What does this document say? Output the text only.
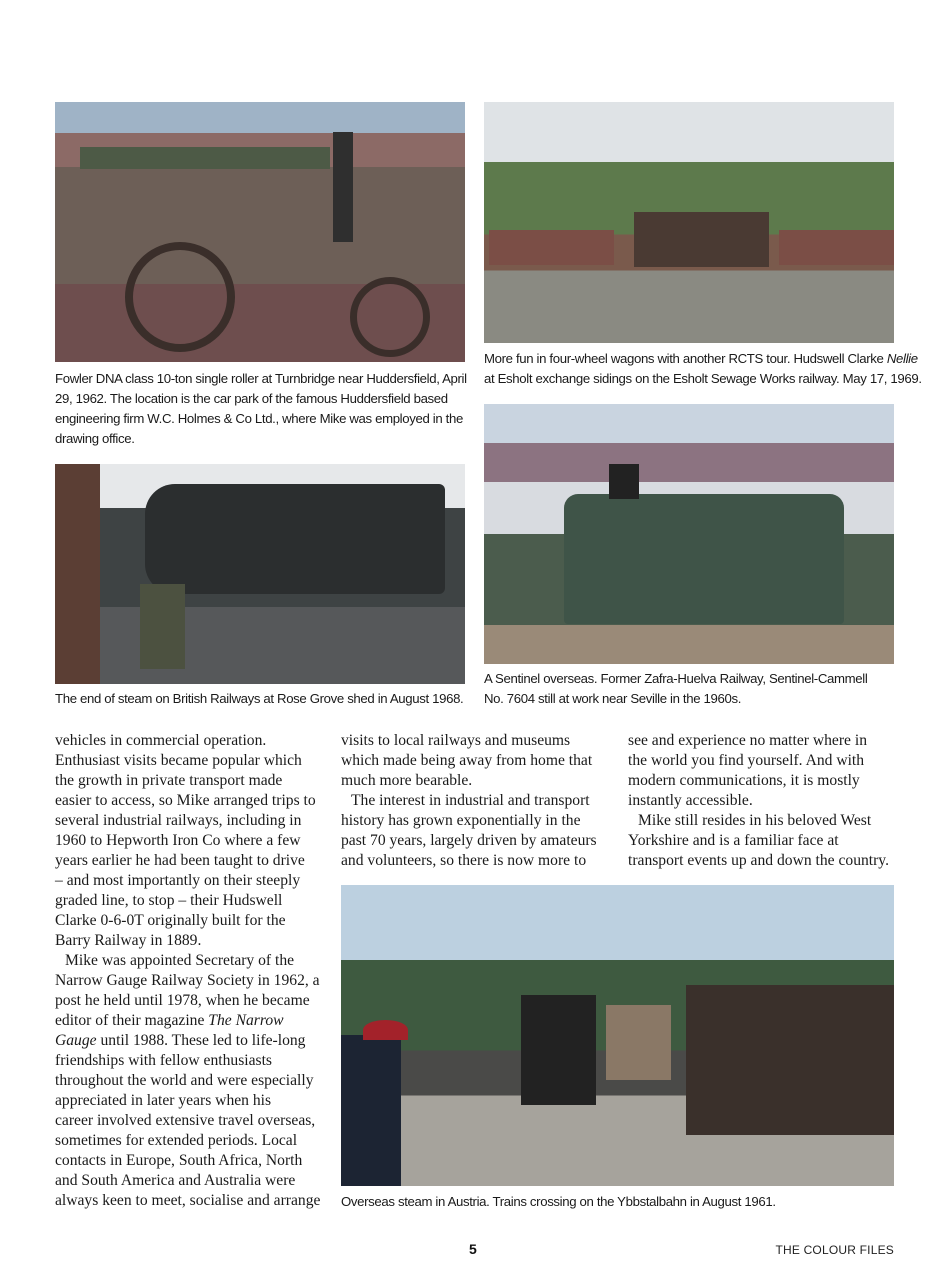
Fowler DNA class 10-ton single roller at Turnbridge near Huddersfield, April
29, 1962. The location is the car park of the famous Huddersfield based
engineering firm W.C. Holmes & Co Ltd., where Mike was employed in the
drawing office.
More fun in four-wheel wagons with another RCTS tour. Hudswell Clarke Nellie
at Esholt exchange sidings on the Esholt Sewage Works railway. May 17, 1969.
The end of steam on British Railways at Rose Grove shed in August 1968.
A Sentinel overseas. Former Zafra-Huelva Railway, Sentinel-Cammell
No. 7604 still at work near Seville in the 1960s.
vehicles in commercial operation.
Enthusiast visits became popular which
the growth in private transport made
easier to access, so Mike arranged trips to
several industrial railways, including in
1960 to Hepworth Iron Co where a few
years earlier he had been taught to drive
– and most importantly on their steeply
graded line, to stop – their Hudswell
Clarke 0-6-0T originally built for the
Barry Railway in 1889.
Mike was appointed Secretary of the
Narrow Gauge Railway Society in 1962, a
post he held until 1978, when he became
editor of their magazine The Narrow
Gauge until 1988. These led to life-long
friendships with fellow enthusiasts
throughout the world and were especially
appreciated in later years when his
career involved extensive travel overseas,
sometimes for extended periods. Local
contacts in Europe, South Africa, North
and South America and Australia were
always keen to meet, socialise and arrange
visits to local railways and museums
which made being away from home that
much more bearable.
The interest in industrial and transport
history has grown exponentially in the
past 70 years, largely driven by amateurs
and volunteers, so there is now more to
see and experience no matter where in
the world you find yourself. And with
modern communications, it is mostly
instantly accessible.
Mike still resides in his beloved West
Yorkshire and is a familiar face at
transport events up and down the country.
Overseas steam in Austria. Trains crossing on the Ybbstalbahn in August 1961.
5	THE COLOUR FILES
